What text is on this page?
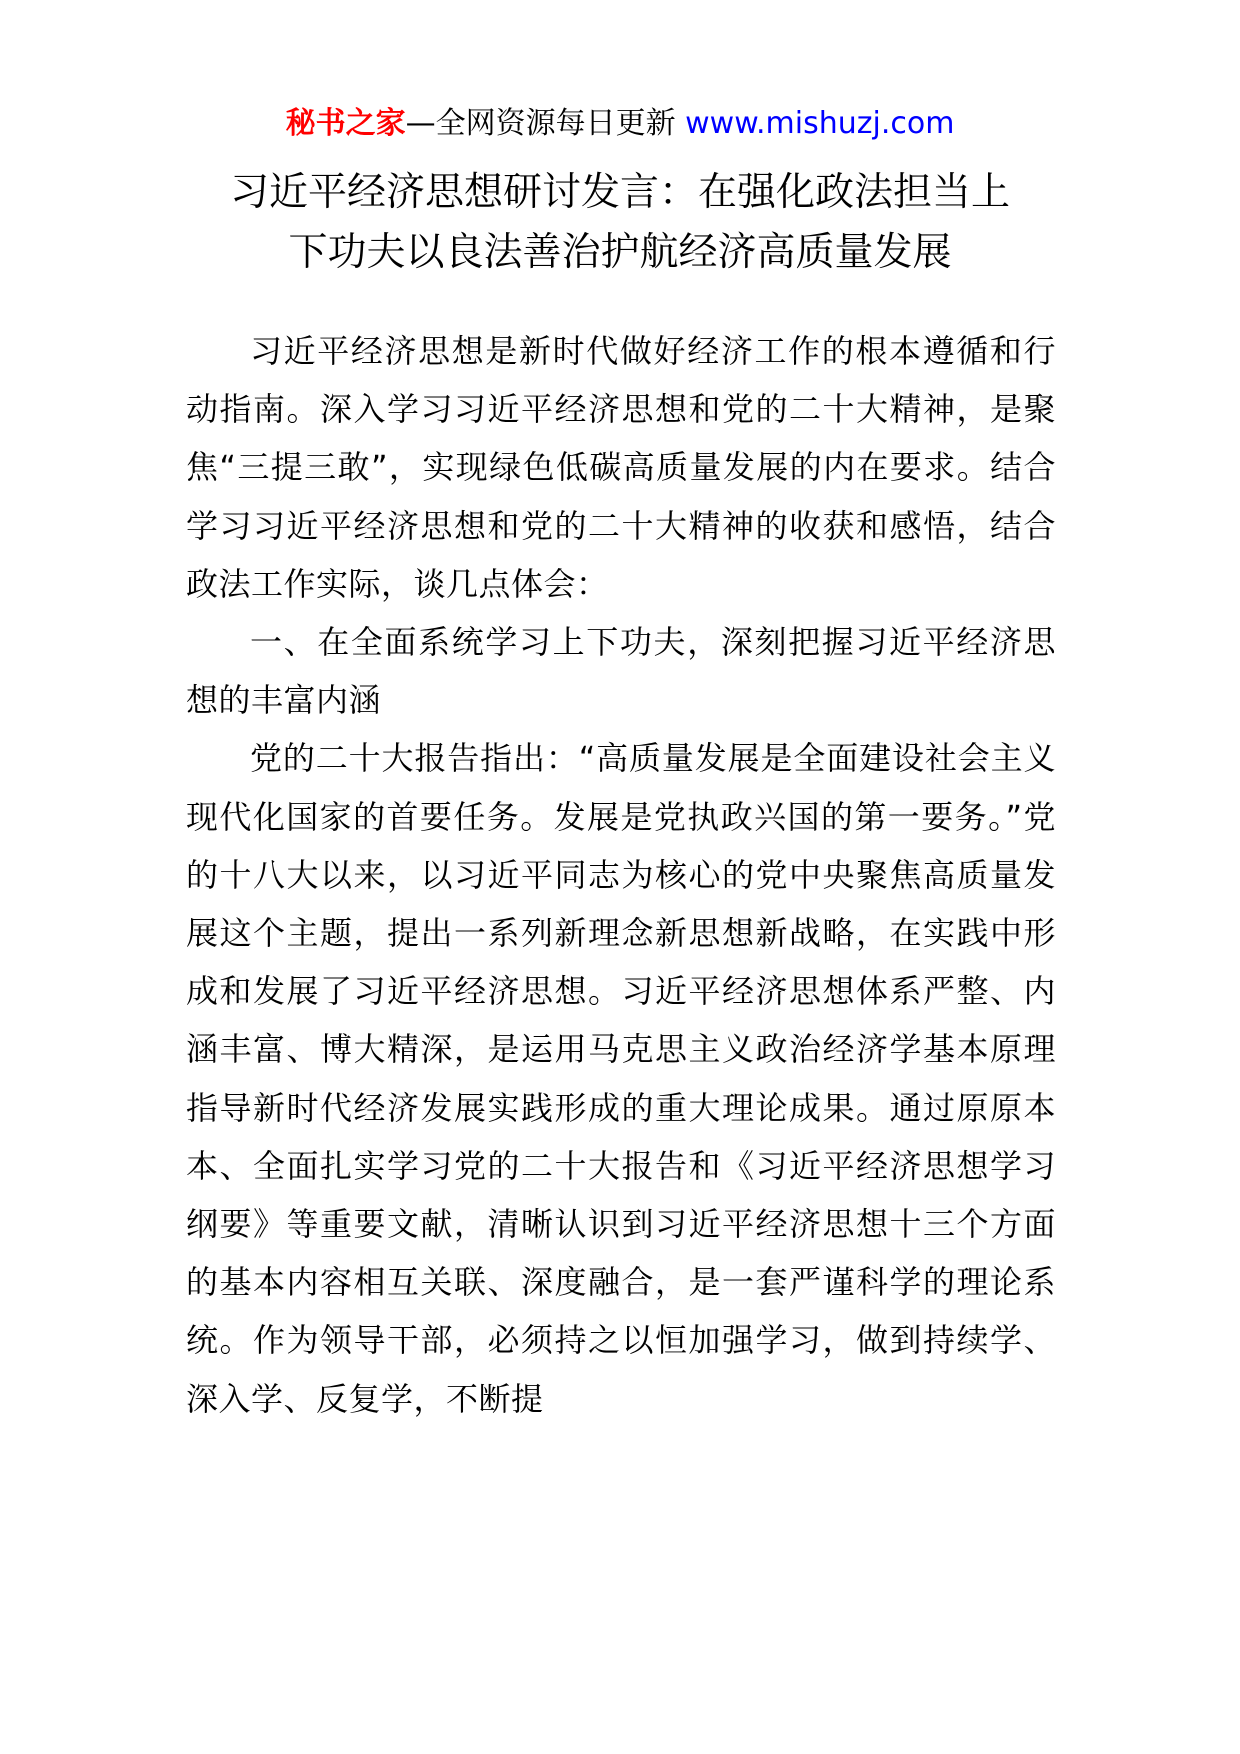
秘书之家—全网资源每日更新 www.mishuzj.com
习近平经济思想研讨发言：在强化政法担当上
下功夫以良法善治护航经济高质量发展

习近平经济思想是新时代做好经济工作的根本遵循和行动指南。深入学习习近平经济思想和党的二十大精神，是聚焦“三提三敢”，实现绿色低碳高质量发展的内在要求。结合学习习近平经济思想和党的二十大精神的收获和感悟，结合政法工作实际，谈几点体会：

一、在全面系统学习上下功夫，深刻把握习近平经济思想的丰富内涵

党的二十大报告指出：“高质量发展是全面建设社会主义现代化国家的首要任务。发展是党执政兴国的第一要务。”党的十八大以来，以习近平同志为核心的党中央聚焦高质量发展这个主题，提出一系列新理念新思想新战略，在实践中形成和发展了习近平经济思想。习近平经济思想体系严整、内涵丰富、博大精深，是运用马克思主义政治经济学基本原理指导新时代经济发展实践形成的重大理论成果。通过原原本本、全面扎实学习党的二十大报告和《习近平经济思想学习纲要》等重要文献，清晰认识到习近平经济思想十三个方面的基本内容相互关联、深度融合，是一套严谨科学的理论系统。作为领导干部，必须持之以恒加强学习，做到持续学、深入学、反复学，不断提
